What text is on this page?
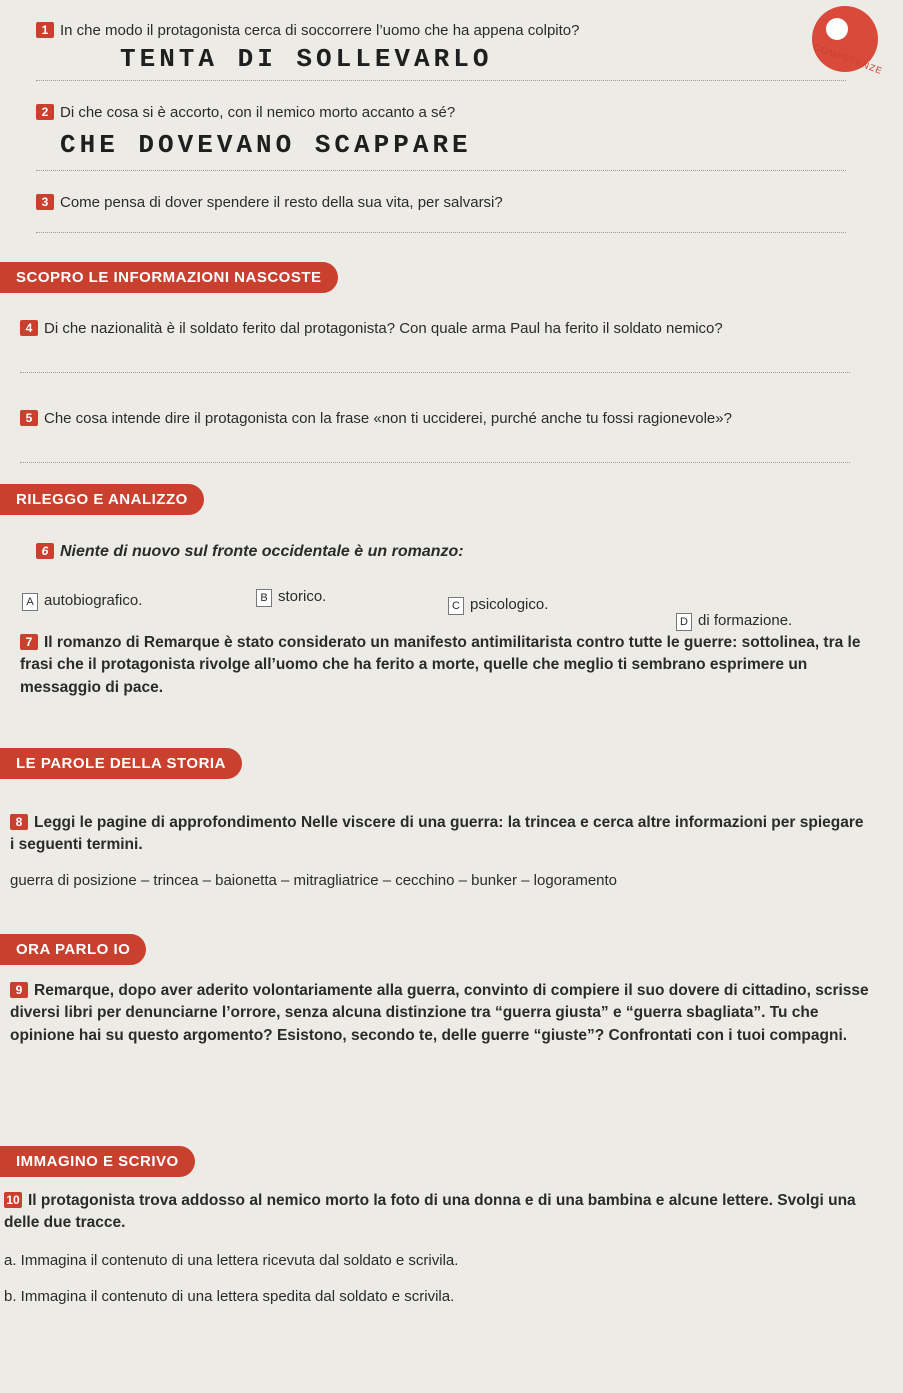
COMPETENZE
1 In che modo il protagonista cerca di soccorrere l’uomo che ha appena colpito?
TENTA DI SOLLEVARLO
2 Di che cosa si è accorto, con il nemico morto accanto a sé?
CHE DOVEVANO SCAPPARE
3 Come pensa di dover spendere il resto della sua vita, per salvarsi?
SCOPRO LE INFORMAZIONI NASCOSTE
4 Di che nazionalità è il soldato ferito dal protagonista? Con quale arma Paul ha ferito il soldato nemico?
5 Che cosa intende dire il protagonista con la frase «non ti ucciderei, purché anche tu fossi ragionevole»?
RILEGGO E ANALIZZO
6 Niente di nuovo sul fronte occidentale è un romanzo:
A autobiografico.	B storico.
C psicologico.
D di formazione.
7 Il romanzo di Remarque è stato considerato un manifesto antimilitarista contro tutte le guerre: sottolinea, tra le frasi che il protagonista rivolge all’uomo che ha ferito a morte, quelle che meglio ti sembrano esprimere un messaggio di pace.
LE PAROLE DELLA STORIA
8 Leggi le pagine di approfondimento Nelle viscere di una guerra: la trincea e cerca altre informazioni per spiegare i seguenti termini.
guerra di posizione – trincea – baionetta – mitragliatrice – cecchino – bunker – logoramento
ORA PARLO IO
9 Remarque, dopo aver aderito volontariamente alla guerra, convinto di compiere il suo dovere di cittadino, scrisse diversi libri per denunciarne l’orrore, senza alcuna distinzione tra “guerra giusta” e “guerra sbagliata”. Tu che opinione hai su questo argomento? Esistono, secondo te, delle guerre “giuste”? Confrontati con i tuoi compagni.
IMMAGINO E SCRIVO
10 Il protagonista trova addosso al nemico morto la foto di una donna e di una bambina e alcune lettere. Svolgi una delle due tracce.
a. Immagina il contenuto di una lettera ricevuta dal soldato e scrivila.
b. Immagina il contenuto di una lettera spedita dal soldato e scrivila.
